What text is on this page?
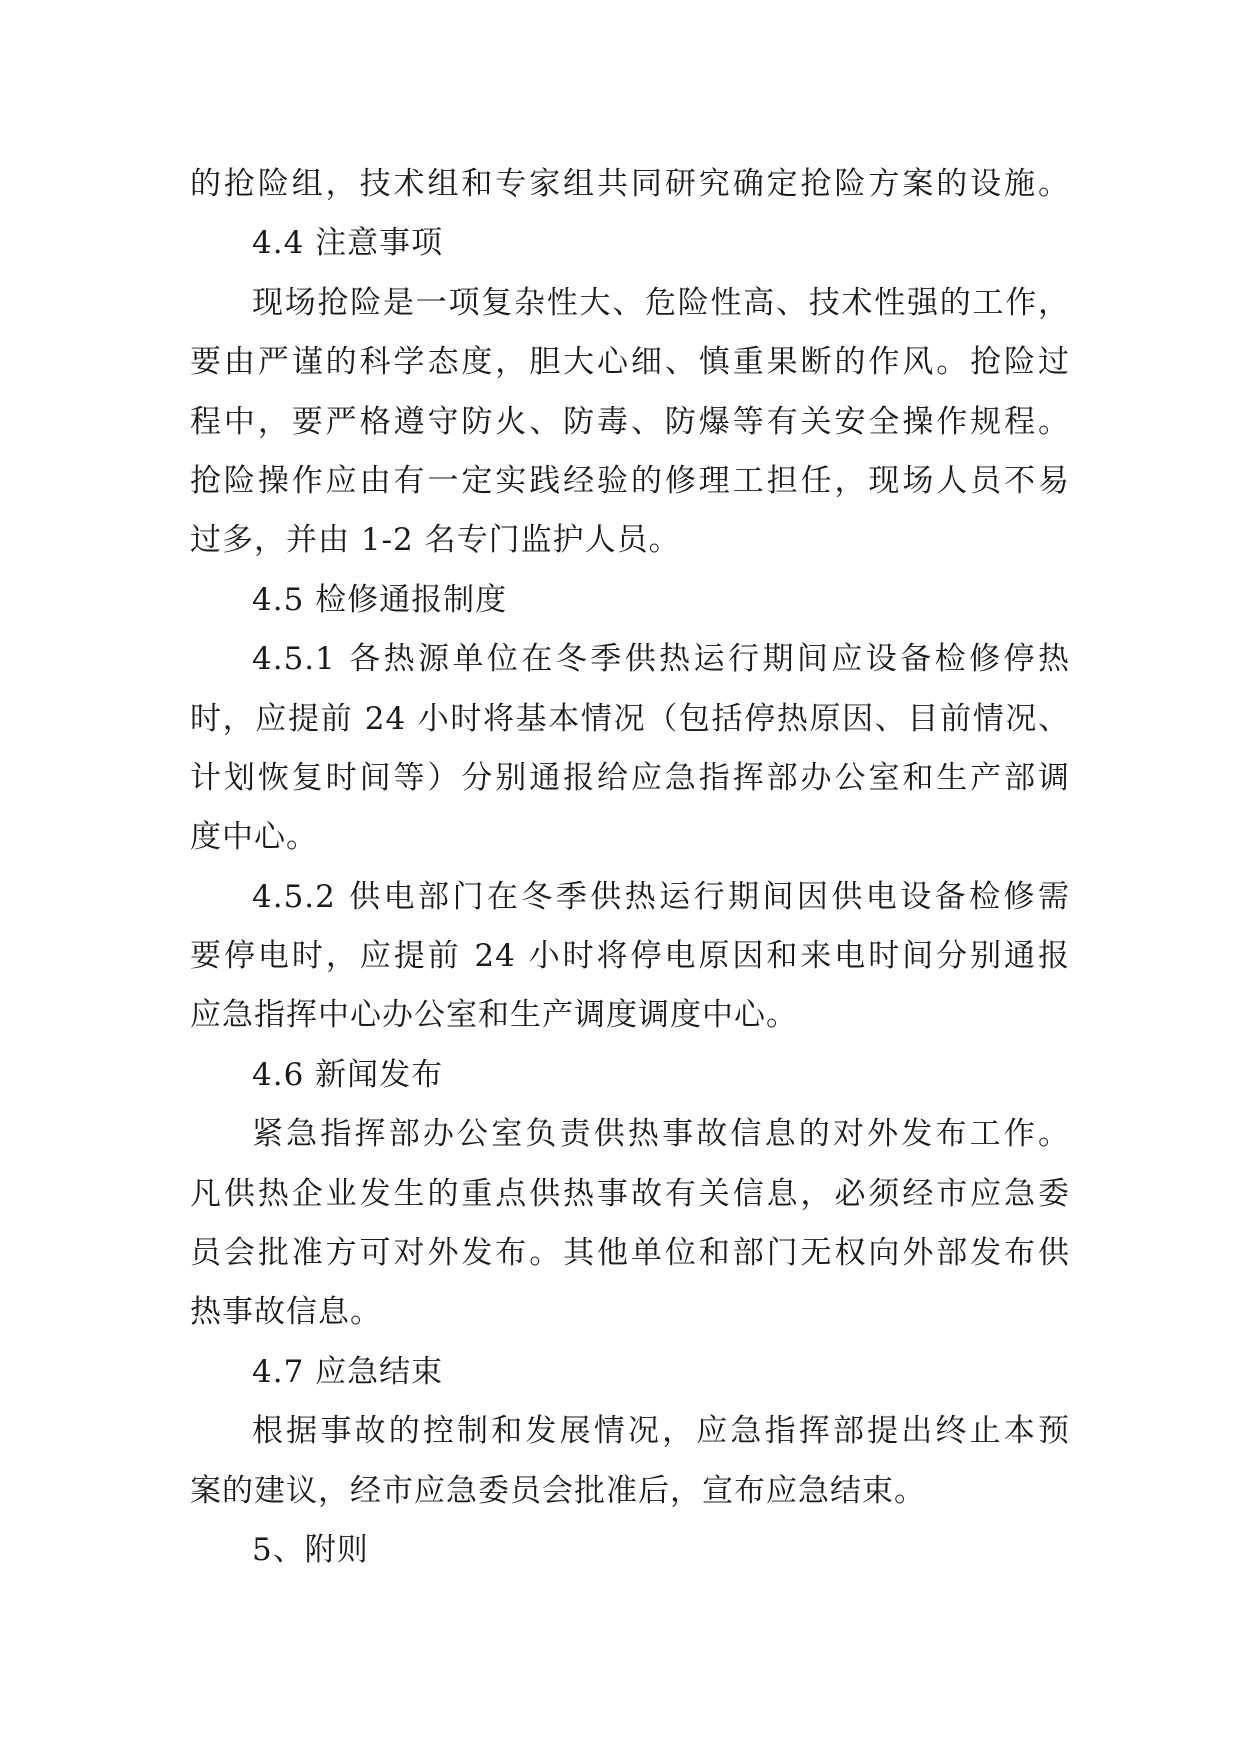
的抢险组，技术组和专家组共同研究确定抢险方案的设施。
4.4 注意事项
现场抢险是一项复杂性大、危险性高、技术性强的工作，
要由严谨的科学态度，胆大心细、慎重果断的作风。抢险过
程中，要严格遵守防火、防毒、防爆等有关安全操作规程。
抢险操作应由有一定实践经验的修理工担任，现场人员不易
过多，并由 1-2 名专门监护人员。
4.5 检修通报制度
4.5.1 各热源单位在冬季供热运行期间应设备检修停热
时，应提前 24 小时将基本情况（包括停热原因、目前情况、
计划恢复时间等）分别通报给应急指挥部办公室和生产部调
度中心。
4.5.2 供电部门在冬季供热运行期间因供电设备检修需
要停电时，应提前 24 小时将停电原因和来电时间分别通报
应急指挥中心办公室和生产调度调度中心。
4.6 新闻发布
紧急指挥部办公室负责供热事故信息的对外发布工作。
凡供热企业发生的重点供热事故有关信息，必须经市应急委
员会批准方可对外发布。其他单位和部门无权向外部发布供
热事故信息。
4.7 应急结束
根据事故的控制和发展情况，应急指挥部提出终止本预
案的建议，经市应急委员会批准后，宣布应急结束。
5、附则
